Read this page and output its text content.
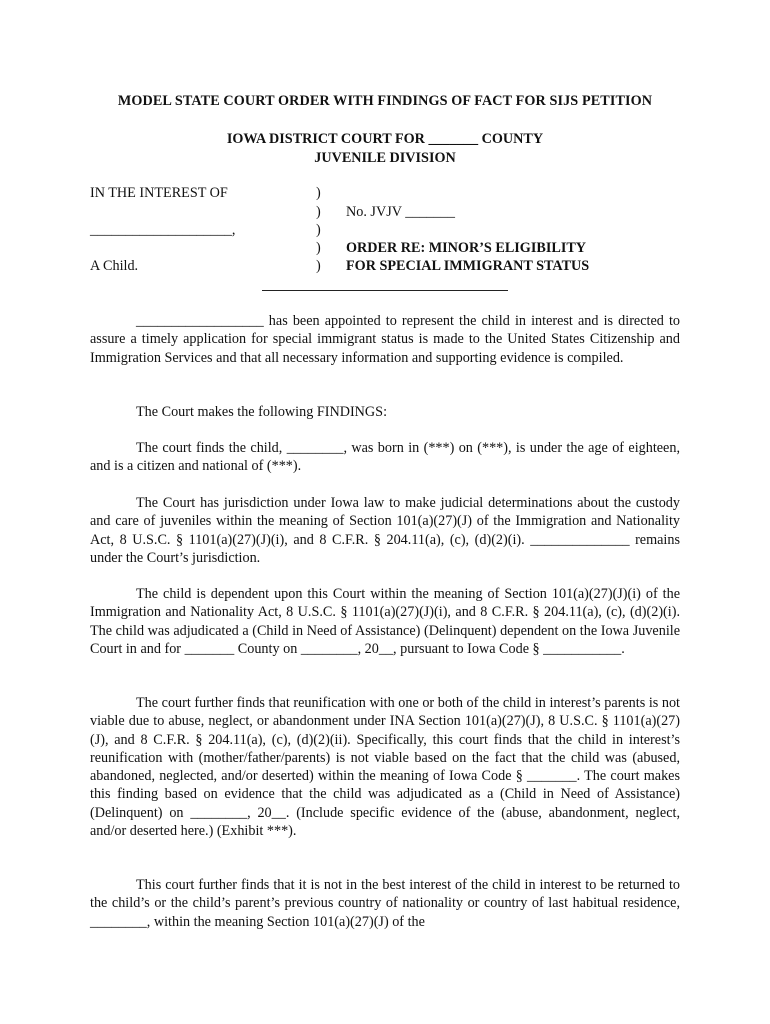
MODEL STATE COURT ORDER WITH FINDINGS OF FACT FOR SIJS PETITION
IOWA DISTRICT COURT FOR _______ COUNTY
JUVENILE DIVISION
IN THE INTEREST OF
____________________,
A Child.
)
)
)
)
)
No. JVJV _______
ORDER RE: MINOR’S ELIGIBILITY
FOR SPECIAL IMMIGRANT STATUS

__________________ has been appointed to represent the child in interest and is directed to assure a timely application for special immigrant status is made to the United States Citizenship and Immigration Services and that all necessary information and supporting evidence is compiled.

The Court makes the following FINDINGS:

The court finds the child, ________, was born in (***) on (***), is under the age of eighteen, and is a citizen and national of (***).

The Court has jurisdiction under Iowa law to make judicial determinations about the custody and care of juveniles within the meaning of Section 101(a)(27)(J) of the Immigration and Nationality Act, 8 U.S.C. § 1101(a)(27)(J)(i), and 8 C.F.R. § 204.11(a), (c), (d)(2)(i). ______________ remains under the Court’s jurisdiction.

The child is dependent upon this Court within the meaning of Section 101(a)(27)(J)(i) of the Immigration and Nationality Act, 8 U.S.C. § 1101(a)(27)(J)(i), and 8 C.F.R. § 204.11(a), (c), (d)(2)(i). The child was adjudicated a (Child in Need of Assistance) (Delinquent) dependent on the Iowa Juvenile Court in and for _______ County on ________, 20__, pursuant to Iowa Code § ___________.

The court further finds that reunification with one or both of the child in interest’s parents is not viable due to abuse, neglect, or abandonment under INA Section 101(a)(27)(J), 8 U.S.C. § 1101(a)(27)(J), and 8 C.F.R. § 204.11(a), (c), (d)(2)(ii). Specifically, this court finds that the child in interest’s reunification with (mother/father/parents) is not viable based on the fact that the child was (abused, abandoned, neglected, and/or deserted) within the meaning of Iowa Code § _______. The court makes this finding based on evidence that the child was adjudicated as a (Child in Need of Assistance) (Delinquent) on ________, 20__. (Include specific evidence of the (abuse, abandonment, neglect, and/or deserted here.) (Exhibit ***).

This court further finds that it is not in the best interest of the child in interest to be returned to the child’s or the child’s parent’s previous country of nationality or country of last habitual residence, ________, within the meaning Section 101(a)(27)(J) of the
